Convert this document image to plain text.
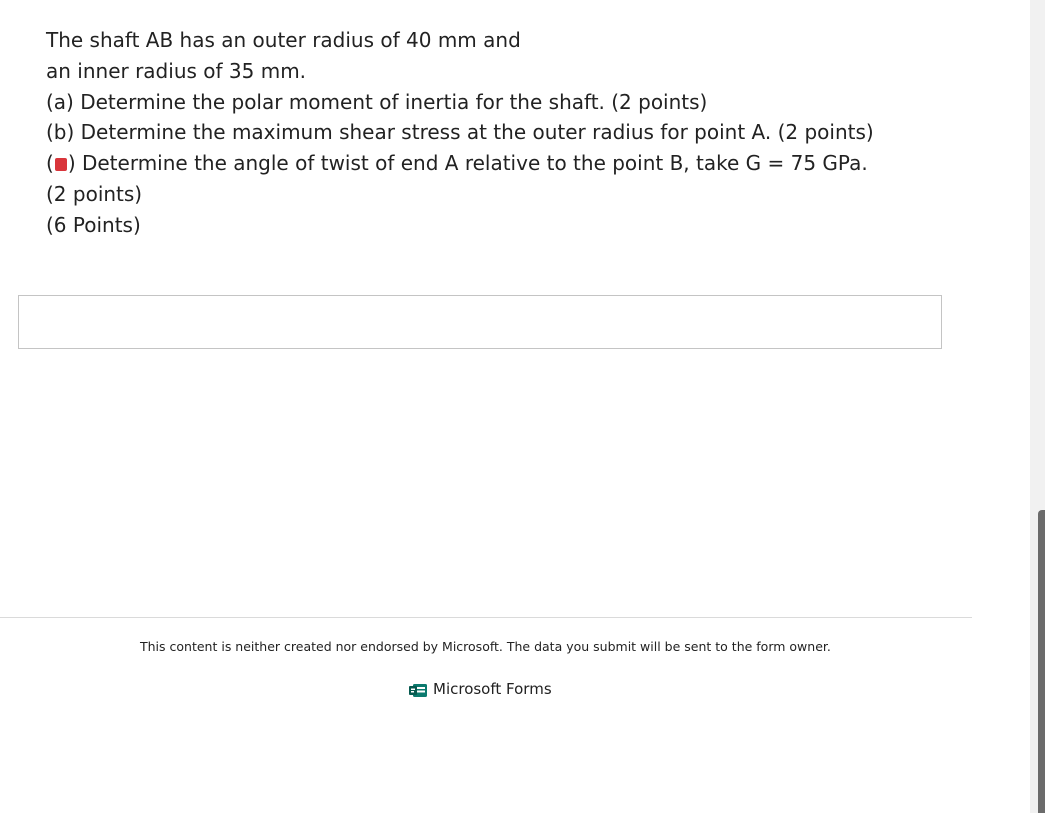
The shaft AB has an outer radius of 40 mm and
an inner radius of 35 mm.
(a) Determine the polar moment of inertia for the shaft. (2 points)
(b) Determine the maximum shear stress at the outer radius for point A. (2 points)
( ) Determine the angle of twist of end A relative to the point B, take G = 75 GPa.
(2 points)
(6 Points)
This content is neither created nor endorsed by Microsoft. The data you submit will be sent to the form owner.
Microsoft Forms
